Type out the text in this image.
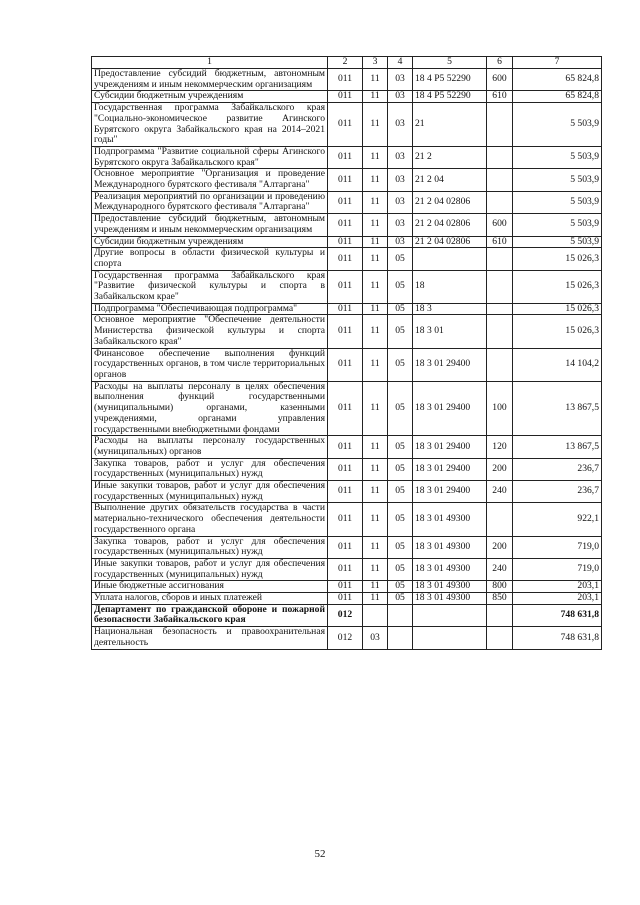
1	2	3	4	5	6	7
Предоставление субсидий бюджетным, автономным учреждениям и иным некоммерческим организациям	011	11	03	18 4 P5 52290	600	65 824,8
Субсидии бюджетным учреждениям	011	11	03	18 4 P5 52290	610	65 824,8
Государственная программа Забайкальского края "Социально-экономическое развитие Агинского Бурятского округа Забайкальского края на 2014–2021 годы"	011	11	03	21		5 503,9
Подпрограмма "Развитие социальной сферы Агинского Бурятского округа Забайкальского края"	011	11	03	21 2		5 503,9
Основное мероприятие "Организация и проведение Международного бурятского фестиваля "Алтаргана"	011	11	03	21 2 04		5 503,9
Реализация мероприятий по организации и проведению Международного бурятского фестиваля "Алтаргана"	011	11	03	21 2 04 02806		5 503,9
Предоставление субсидий бюджетным, автономным учреждениям и иным некоммерческим организациям	011	11	03	21 2 04 02806	600	5 503,9
Субсидии бюджетным учреждениям	011	11	03	21 2 04 02806	610	5 503,9
Другие вопросы в области физической культуры и спорта	011	11	05			15 026,3
Государственная программа Забайкальского края "Развитие физической культуры и спорта в Забайкальском крае"	011	11	05	18		15 026,3
Подпрограмма "Обеспечивающая подпрограмма"	011	11	05	18 3		15 026,3
Основное мероприятие "Обеспечение деятельности Министерства физической культуры и спорта Забайкальского края"	011	11	05	18 3 01		15 026,3
Финансовое обеспечение выполнения функций государственных органов, в том числе территориальных органов	011	11	05	18 3 01 29400		14 104,2
Расходы на выплаты персоналу в целях обеспечения выполнения функций государственными (муниципальными) органами, казенными учреждениями, органами управления государственными внебюджетными фондами	011	11	05	18 3 01 29400	100	13 867,5
Расходы на выплаты персоналу государственных (муниципальных) органов	011	11	05	18 3 01 29400	120	13 867,5
Закупка товаров, работ и услуг для обеспечения государственных (муниципальных) нужд	011	11	05	18 3 01 29400	200	236,7
Иные закупки товаров, работ и услуг для обеспечения государственных (муниципальных) нужд	011	11	05	18 3 01 29400	240	236,7
Выполнение других обязательств государства в части материально-технического обеспечения деятельности государственного органа	011	11	05	18 3 01 49300		922,1
Закупка товаров, работ и услуг для обеспечения государственных (муниципальных) нужд	011	11	05	18 3 01 49300	200	719,0
Иные закупки товаров, работ и услуг для обеспечения государственных (муниципальных) нужд	011	11	05	18 3 01 49300	240	719,0
Иные бюджетные ассигнования	011	11	05	18 3 01 49300	800	203,1
Уплата налогов, сборов и иных платежей	011	11	05	18 3 01 49300	850	203,1
Департамент по гражданской обороне и пожарной безопасности Забайкальского края	012					748 631,8
Национальная безопасность и правоохранительная деятельность	012	03				748 631,8
52
